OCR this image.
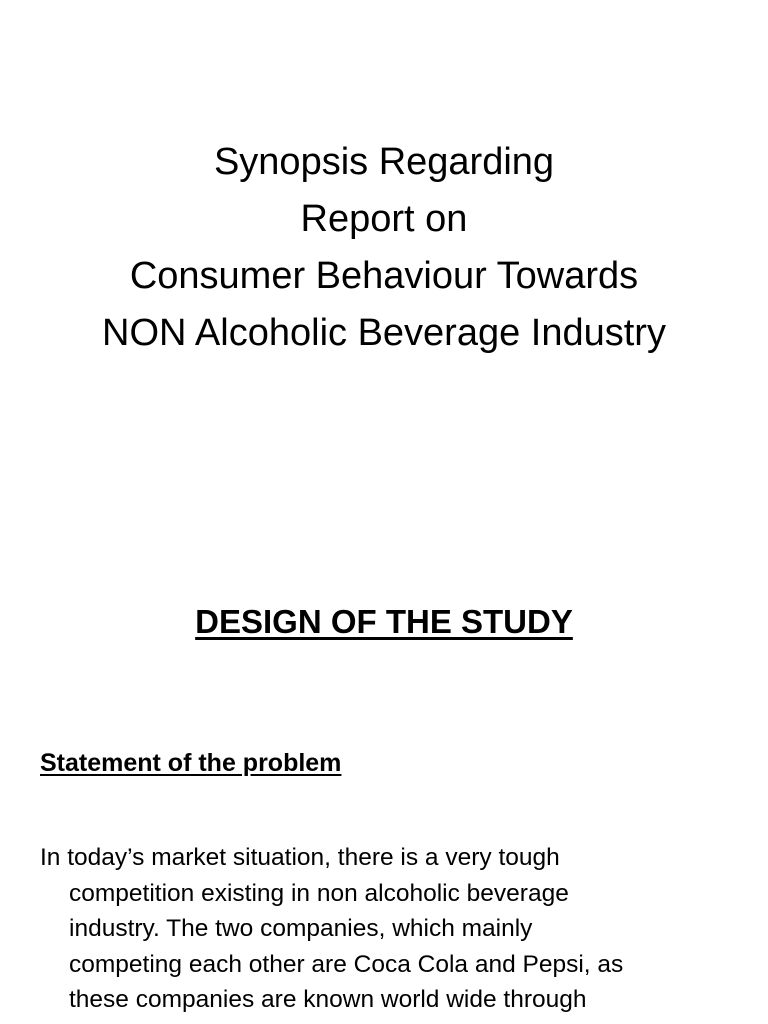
Synopsis Regarding
Report on
Consumer Behaviour Towards
NON Alcoholic Beverage Industry
DESIGN OF THE STUDY
Statement of the problem
In today’s market situation, there is a very tough
competition existing in non alcoholic beverage
industry. The two companies, which mainly
competing each other are Coca Cola and Pepsi, as
these companies are known world wide through
